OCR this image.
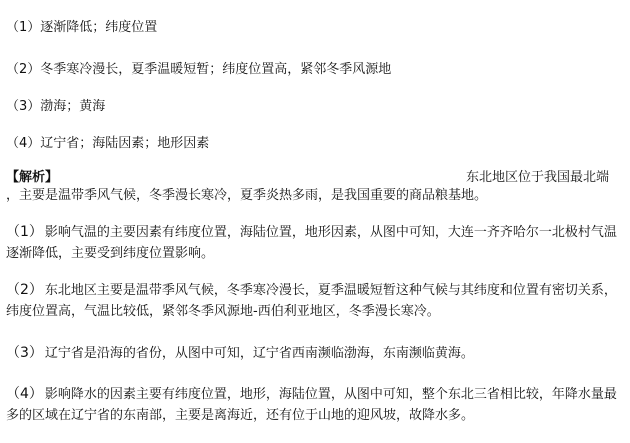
（1）逐渐降低；纬度位置
（2）冬季寒冷漫长，夏季温暖短暂；纬度位置高，紧邻冬季风源地
（3）渤海；黄海
（4）辽宁省；海陆因素；地形因素
【解析】	东北地区位于我国最北端
，主要是温带季风气候，冬季漫长寒冷，夏季炎热多雨，是我国重要的商品粮基地。
（1） 影响气温的主要因素有纬度位置，海陆位置，地形因素，从图中可知，大连一齐齐哈尔一北极村气温逐渐降低，主要受到纬度位置影响。
（2） 东北地区主要是温带季风气候，冬季寒冷漫长，夏季温暖短暂这种气候与其纬度和位置有密切关系，纬度位置高，气温比较低，紧邻冬季风源地-西伯利亚地区，冬季漫长寒冷。
（3） 辽宁省是沿海的省份，从图中可知，辽宁省西南濒临渤海，东南濒临黄海。
（4） 影响降水的因素主要有纬度位置，地形，海陆位置，从图中可知，整个东北三省相比较，年降水量最多的区域在辽宁省的东南部，主要是离海近，还有位于山地的迎风坡，故降水多。
